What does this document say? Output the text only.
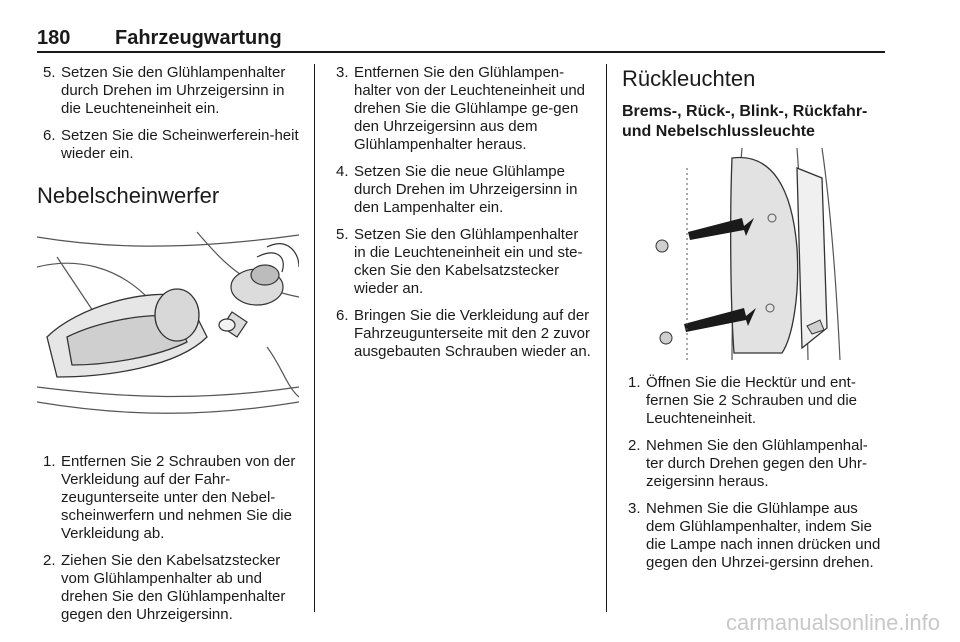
180 Fahrzeugwartung
5. Setzen Sie den Glühlampenhalter durch Drehen im Uhrzeigersinn in die Leuchteneinheit ein.
6. Setzen Sie die Scheinwerferein-heit wieder ein.
Nebelscheinwerfer
1. Entfernen Sie 2 Schrauben von der Verkleidung auf der Fahr-zeugunterseite unter den Nebel-scheinwerfern und nehmen Sie die Verkleidung ab.
2. Ziehen Sie den Kabelsatzstecker vom Glühlampenhalter ab und drehen Sie den Glühlampenhalter gegen den Uhrzeigersinn.
3. Entfernen Sie den Glühlampen-halter von der Leuchteneinheit und drehen Sie die Glühlampe ge-gen den Uhrzeigersinn aus dem Glühlampenhalter heraus.
4. Setzen Sie die neue Glühlampe durch Drehen im Uhrzeigersinn in den Lampenhalter ein.
5. Setzen Sie den Glühlampenhalter in die Leuchteneinheit ein und ste-cken Sie den Kabelsatzstecker wieder an.
6. Bringen Sie die Verkleidung auf der Fahrzeugunterseite mit den 2 zuvor ausgebauten Schrauben wieder an.
Rückleuchten
Brems-, Rück-, Blink-, Rückfahr- und Nebelschlussleuchte
1. Öffnen Sie die Hecktür und ent-fernen Sie 2 Schrauben und die Leuchteneinheit.
2. Nehmen Sie den Glühlampenhal-ter durch Drehen gegen den Uhr-zeigersinn heraus.
3. Nehmen Sie die Glühlampe aus dem Glühlampenhalter, indem Sie die Lampe nach innen drücken und gegen den Uhrzei-gersinn drehen.
carmanualsonline.info
